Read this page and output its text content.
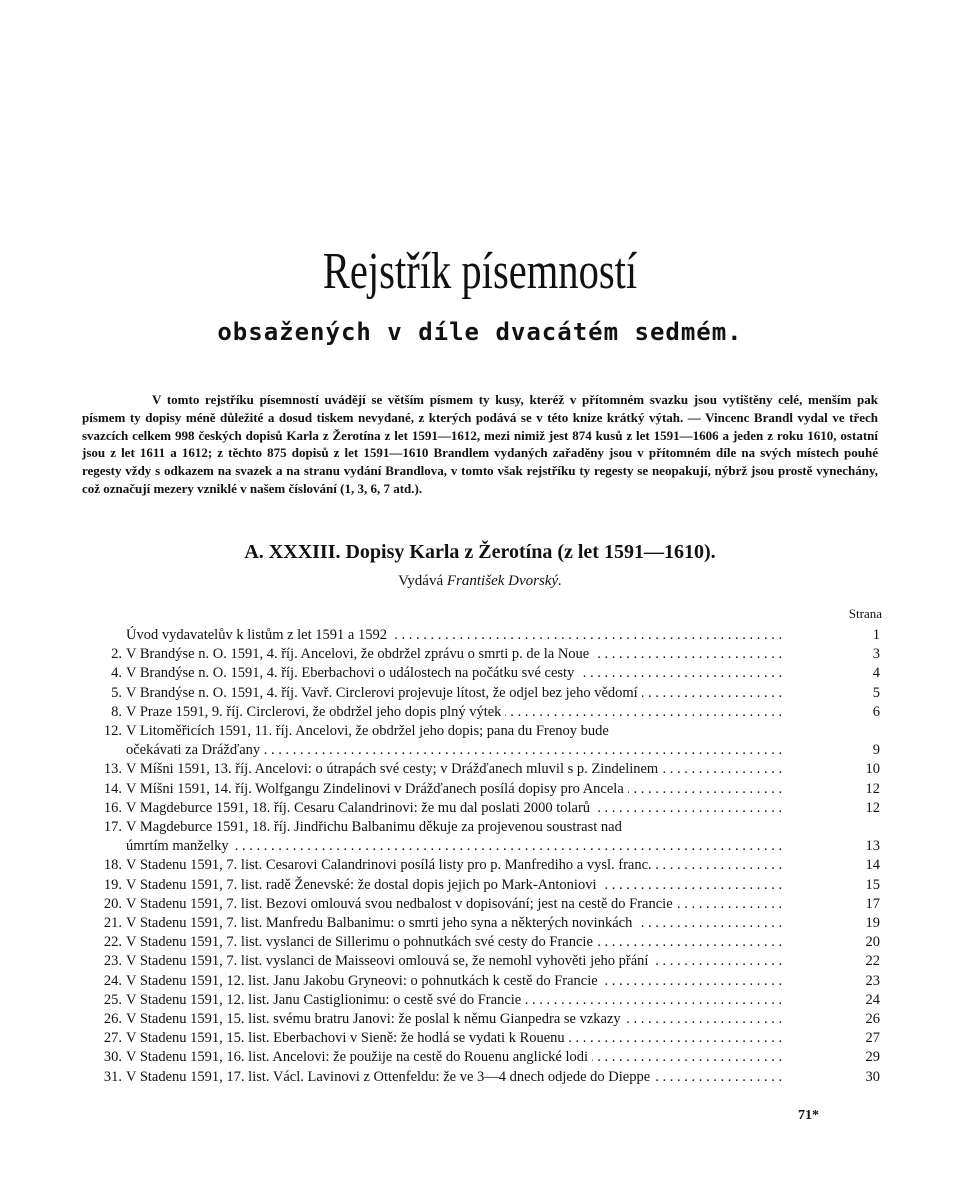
Rejstřík písemností
obsažených v díle dvacátém sedmém.

V tomto rejstříku písemností uvádějí se větším písmem ty kusy, kteréž v přítomném svazku jsou vytištěny celé, menším pak písmem ty dopisy méně důležité a dosud tiskem nevydané, z kterých podává se v této knize krátký výtah. — Vincenc Brandl vydal ve třech svazcích celkem 998 českých dopisů Karla z Žerotína z let 1591—1612, mezi nimiž jest 874 kusů z let 1591—1606 a jeden z roku 1610, ostatní jsou z let 1611 a 1612; z těchto 875 dopisů z let 1591—1610 Brandlem vydaných zařaděny jsou v přítomném díle na svých místech pouhé regesty vždy s odkazem na svazek a na stranu vydání Brandlova, v tomto však rejstříku ty regesty se neopakují, nýbrž jsou prostě vynechány, což označují mezery vzniklé v našem číslování (1, 3, 6, 7 atd.).

A. XXXIII. Dopisy Karla z Žerotína (z let 1591—1610).
Vydává František Dvorský.
Strana
Úvod vydavatelův k listům z let 1591 a 1592 . . .	1
2. V Brandýse n. O. 1591, 4. říj. Ancelovi, že obdržel zprávu o smrti p. de la Noue . . .	3
4. V Brandýse n. O. 1591, 4. říj. Eberbachovi o událostech na počátku své cesty . . .	4
5. V Brandýse n. O. 1591, 4. říj. Vavř. Circlerovi projevuje lítost, že odjel bez jeho vědomí . . .	5
8. V Praze 1591, 9. říj. Circlerovi, že obdržel jeho dopis plný výtek . . .	6
12. V Litoměřicích 1591, 11. říj. Ancelovi, že obdržel jeho dopis; pana du Frenoy bude
očekávati za Drážďany . . .	9
13. V Míšni 1591, 13. říj. Ancelovi: o útrapách své cesty; v Drážďanech mluvil s p. Zindelinem . . .	10
14. V Míšni 1591, 14. říj. Wolfgangu Zindelinovi v Drážďanech posílá dopisy pro Ancela . . .	12
16. V Magdeburce 1591, 18. říj. Cesaru Calandrinovi: že mu dal poslati 2000 tolarů . . .	12
17. V Magdeburce 1591, 18. říj. Jindřichu Balbanimu děkuje za projevenou soustrast nad
úmrtím manželky . . .	13
18. V Stadenu 1591, 7. list. Cesarovi Calandrinovi posílá listy pro p. Manfrediho a vysl. franc. . . .	14
19. V Stadenu 1591, 7. list. radě Ženevské: že dostal dopis jejich po Mark-Antoniovi . . .	15
20. V Stadenu 1591, 7. list. Bezovi omlouvá svou nedbalost v dopisování; jest na cestě do Francie . . .	17
21. V Stadenu 1591, 7. list. Manfredu Balbanimu: o smrti jeho syna a některých novinkách . . .	19
22. V Stadenu 1591, 7. list. vyslanci de Sillerimu o pohnutkách své cesty do Francie . . .	20
23. V Stadenu 1591, 7. list. vyslanci de Maisseovi omlouvá se, že nemohl vyhověti jeho přání . . .	22
24. V Stadenu 1591, 12. list. Janu Jakobu Gryneovi: o pohnutkách k cestě do Francie . . .	23
25. V Stadenu 1591, 12. list. Janu Castiglionimu: o cestě své do Francie . . .	24
26. V Stadenu 1591, 15. list. svému bratru Janovi: že poslal k němu Gianpedra se vzkazy . . .	26
27. V Stadenu 1591, 15. list. Eberbachovi v Sieně: že hodlá se vydati k Rouenu . . .	27
30. V Stadenu 1591, 16. list. Ancelovi: že použije na cestě do Rouenu anglické lodi . . .	29
31. V Stadenu 1591, 17. list. Václ. Lavinovi z Ottenfeldu: že ve 3—4 dnech odjede do Dieppe . . .	30
71*
